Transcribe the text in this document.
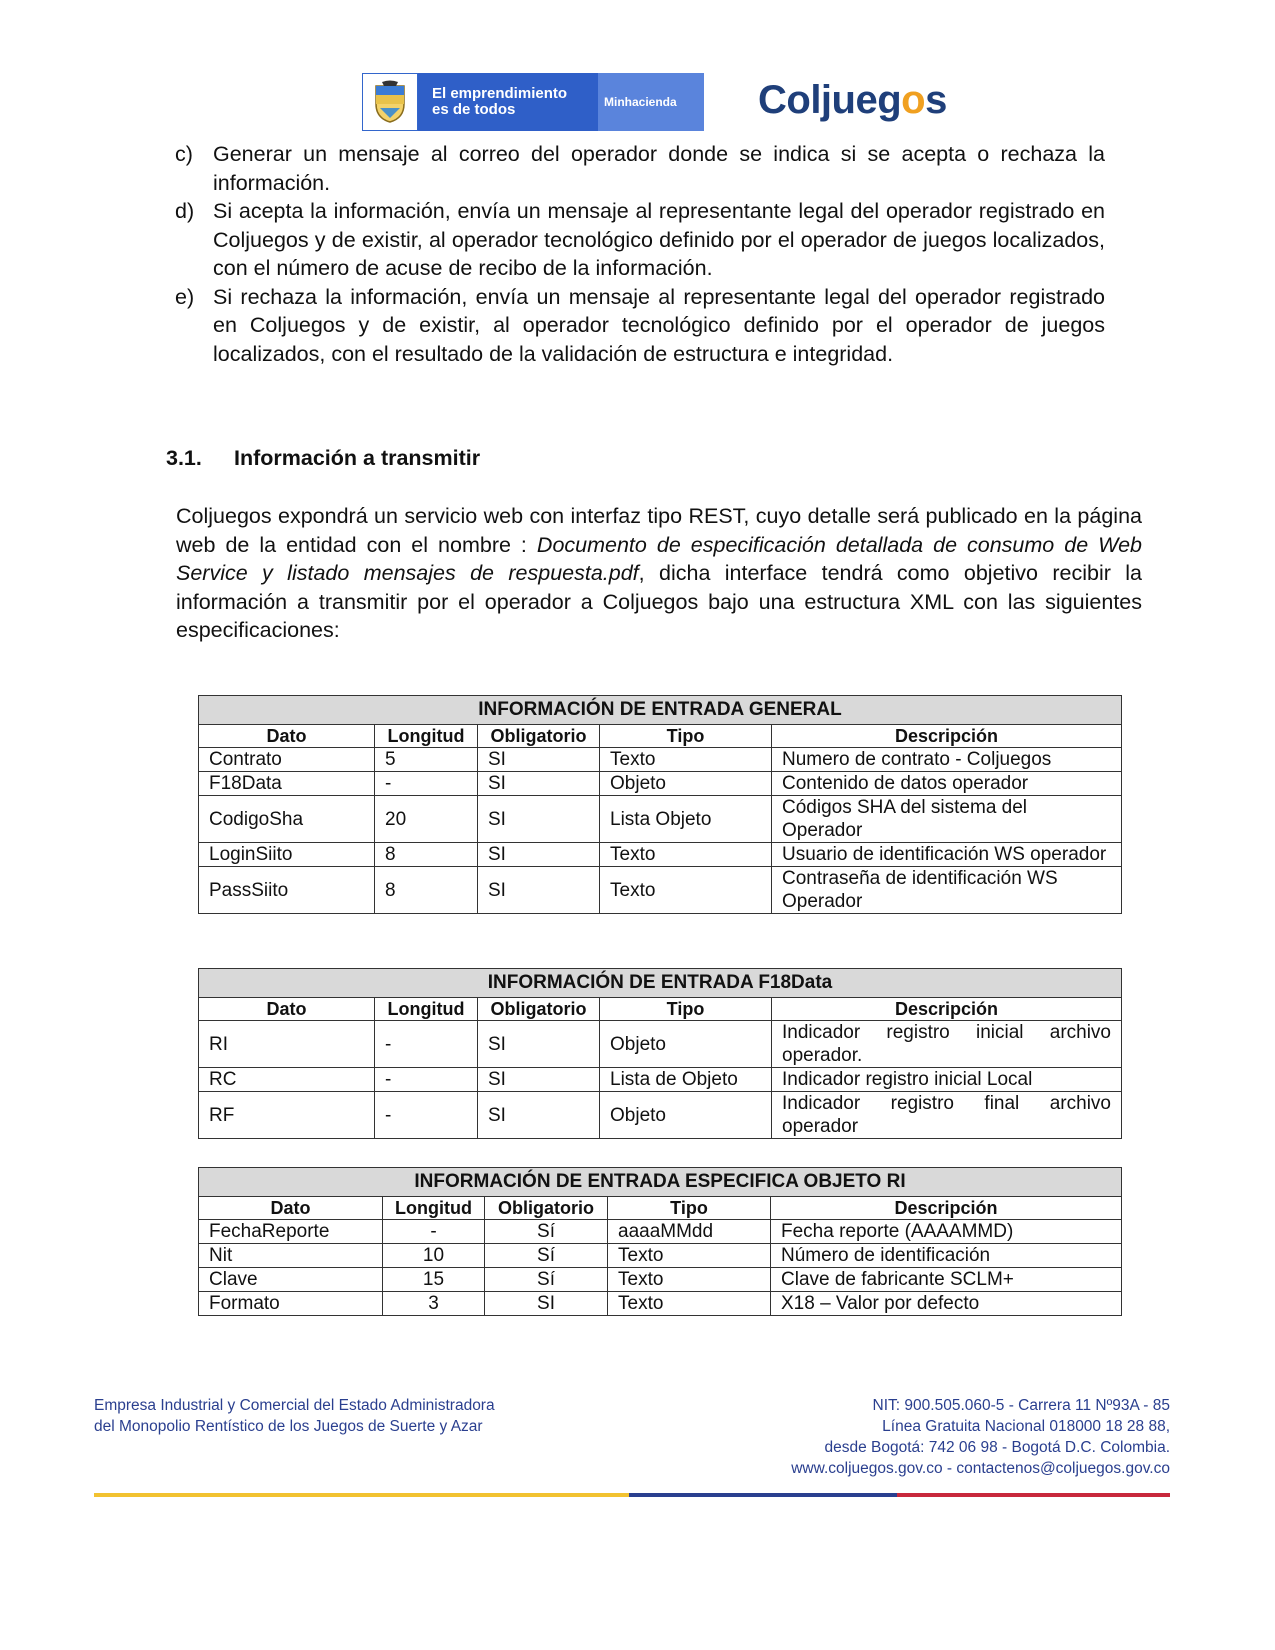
El emprendimiento
es de todos	Minhacienda	Coljuegos
c) Generar un mensaje al correo del operador donde se indica si se acepta o rechaza la información.
d) Si acepta la información, envía un mensaje al representante legal del operador registrado en Coljuegos y de existir, al operador tecnológico definido por el operador de juegos localizados, con el número de acuse de recibo de la información.
e) Si rechaza la información, envía un mensaje al representante legal del operador registrado en Coljuegos y de existir, al operador tecnológico definido por el operador de juegos localizados, con el resultado de la validación de estructura e integridad.
3.1. Información a transmitir
Coljuegos expondrá un servicio web con interfaz tipo REST, cuyo detalle será publicado en la página web de la entidad con el nombre : Documento de especificación detallada de consumo de Web Service y listado mensajes de respuesta.pdf, dicha interface tendrá como objetivo recibir la información a transmitir por el operador a Coljuegos bajo una estructura XML con las siguientes especificaciones:
INFORMACIÓN DE ENTRADA GENERAL				
Dato	Longitud	Obligatorio	Tipo	Descripción
Contrato	5	SI	Texto	Numero de contrato - Coljuegos
F18Data	-	SI	Objeto	Contenido de datos operador
CodigoSha	20	SI	Lista Objeto	Códigos SHA del sistema del Operador
LoginSiito	8	SI	Texto	Usuario de identificación WS operador
PassSiito	8	SI	Texto	Contraseña de identificación WS Operador
INFORMACIÓN DE ENTRADA F18Data				
Dato	Longitud	Obligatorio	Tipo	Descripción
RI	-	SI	Objeto	Indicador registro inicial archivo operador.
RC	-	SI	Lista de Objeto	Indicador registro inicial Local
RF	-	SI	Objeto	Indicador registro final archivo operador
INFORMACIÓN DE ENTRADA ESPECIFICA OBJETO RI				
Dato	Longitud	Obligatorio	Tipo	Descripción
FechaReporte	-	Sí	aaaaMMdd	Fecha reporte (AAAAMMD)
Nit	10	Sí	Texto	Número de identificación
Clave	15	Sí	Texto	Clave de fabricante SCLM+
Formato	3	SI	Texto	X18 – Valor por defecto
Empresa Industrial y Comercial del Estado Administradora
del Monopolio Rentístico de los Juegos de Suerte y Azar
NIT: 900.505.060-5 - Carrera 11 Nº93A - 85
Línea Gratuita Nacional 018000 18 28 88,
desde Bogotá: 742 06 98 - Bogotá D.C. Colombia.
www.coljuegos.gov.co - contactenos@coljuegos.gov.co
